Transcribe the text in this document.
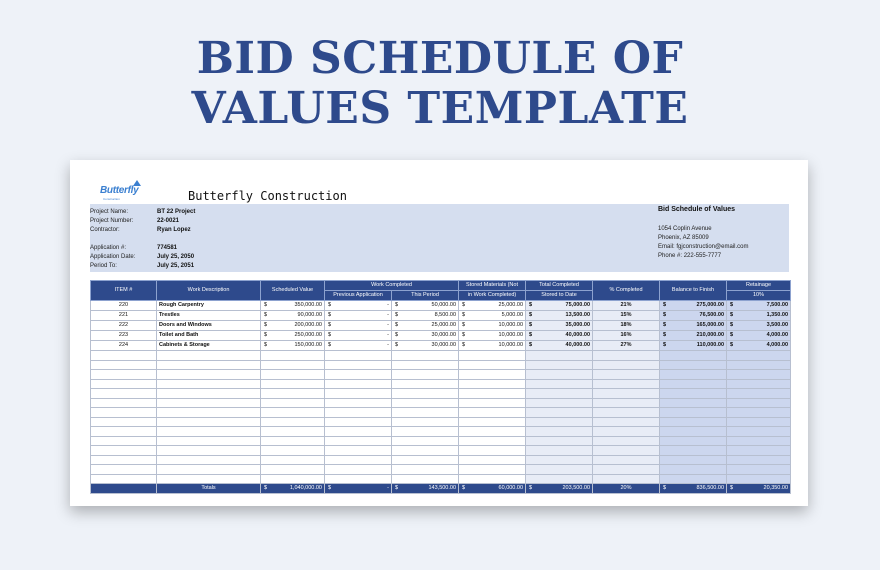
BID SCHEDULE OF
VALUES TEMPLATE
Butterfly
Construction	Butterfly Construction
Project Name:	BT 22 Project
Project Number:	22-0021
Contractor:	Ryan Lopez
Application #:	774581
Application Date:	July 25, 2050
Period To:	July 25, 2051
Bid Schedule of Values
1054 Coplin Avenue
Phoenix, AZ 85009
Email: fgjconstruction@email.com
Phone #: 222-555-7777
ITEM #	Work Description	Scheduled Value	Work Completed		Stored Materials (Not	Total Completed	% Completed	Balance to Finish	Retainage
			Previous Application	This Period	in Work Completed)	Stored to Date			10%
220	Rough Carpentry	$ 350,000.00	$ -	$ 50,000.00	$ 25,000.00	$ 75,000.00	21%	$ 275,000.00	$ 7,500.00
221	Trestles	$ 90,000.00	$ -	$ 8,500.00	$ 5,000.00	$ 13,500.00	15%	$ 76,500.00	$ 1,350.00
222	Doors and Windows	$ 200,000.00	$ -	$ 25,000.00	$ 10,000.00	$ 35,000.00	18%	$ 165,000.00	$ 3,500.00
223	Toilet and Bath	$ 250,000.00	$ -	$ 30,000.00	$ 10,000.00	$ 40,000.00	16%	$ 210,000.00	$ 4,000.00
224	Cabinets & Storage	$ 150,000.00	$ -	$ 30,000.00	$ 10,000.00	$ 40,000.00	27%	$ 110,000.00	$ 4,000.00

	Totals	$ 1,040,000.00	$ -	$ 143,500.00	$ 60,000.00	$ 203,500.00	20%	$ 836,500.00	$ 20,350.00
